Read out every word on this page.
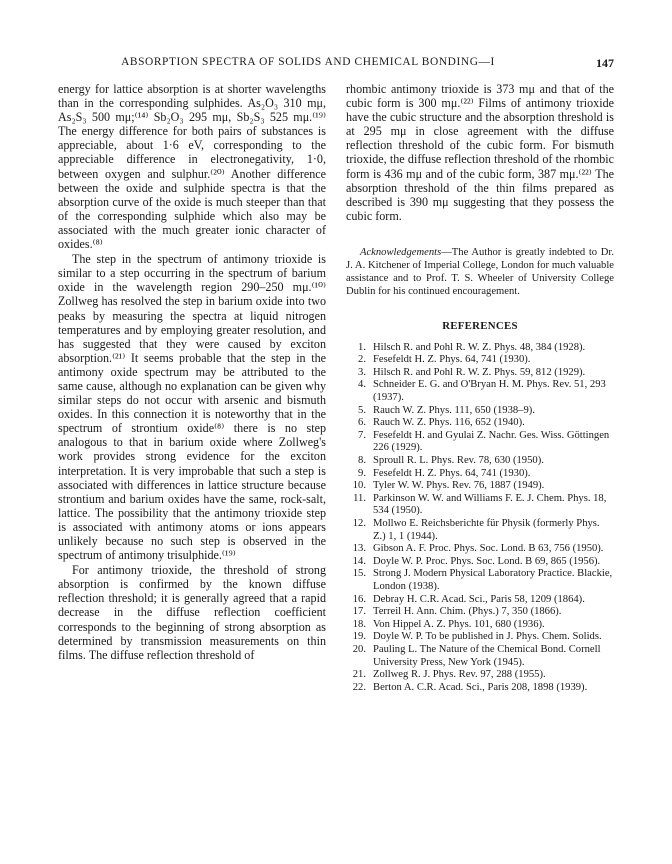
ABSORPTION SPECTRA OF SOLIDS AND CHEMICAL BONDING—I	147

energy for lattice absorption is at shorter wavelengths than in the corresponding sulphides. As₂O₃ 310 mμ, As₂S₃ 500 mμ;⁽¹⁴⁾ Sb₂O₃ 295 mμ, Sb₂S₃ 525 mμ.⁽¹⁹⁾ The energy difference for both pairs of substances is appreciable, about 1·6 eV, corresponding to the appreciable difference in electronegativity, 1·0, between oxygen and sulphur.⁽²⁰⁾ Another difference between the oxide and sulphide spectra is that the absorption curve of the oxide is much steeper than that of the corresponding sulphide which also may be associated with the much greater ionic character of oxides.⁽⁸⁾

The step in the spectrum of antimony trioxide is similar to a step occurring in the spectrum of barium oxide in the wavelength region 290–250 mμ.⁽¹⁰⁾ Zollweg has resolved the step in barium oxide into two peaks by measuring the spectra at liquid nitrogen temperatures and by employing greater resolution, and has suggested that they were caused by exciton absorption.⁽²¹⁾ It seems probable that the step in the antimony oxide spectrum may be attributed to the same cause, although no explanation can be given why similar steps do not occur with arsenic and bismuth oxides. In this connection it is noteworthy that in the spectrum of strontium oxide⁽⁸⁾ there is no step analogous to that in barium oxide where Zollweg's work provides strong evidence for the exciton interpretation. It is very improbable that such a step is associated with differences in lattice structure because strontium and barium oxides have the same, rock-salt, lattice. The possibility that the antimony trioxide step is associated with antimony atoms or ions appears unlikely because no such step is observed in the spectrum of antimony trisulphide.⁽¹⁹⁾

For antimony trioxide, the threshold of strong absorption is confirmed by the known diffuse reflection threshold; it is generally agreed that a rapid decrease in the diffuse reflection coefficient corresponds to the beginning of strong absorption as determined by transmission measurements on thin films. The diffuse reflection threshold of

rhombic antimony trioxide is 373 mμ and that of the cubic form is 300 mμ.⁽²²⁾ Films of antimony trioxide have the cubic structure and the absorption threshold is at 295 mμ in close agreement with the diffuse reflection threshold of the cubic form. For bismuth trioxide, the diffuse reflection threshold of the rhombic form is 436 mμ and of the cubic form, 387 mμ.⁽²²⁾ The absorption threshold of the thin films prepared as described is 390 mμ suggesting that they possess the cubic form.

Acknowledgements—The Author is greatly indebted to Dr. J. A. Kitchener of Imperial College, London for much valuable assistance and to Prof. T. S. Wheeler of University College Dublin for his continued encouragement.

REFERENCES
1. Hilsch R. and Pohl R. W. Z. Phys. 48, 384 (1928).
2. Fesefeldt H. Z. Phys. 64, 741 (1930).
3. Hilsch R. and Pohl R. W. Z. Phys. 59, 812 (1929).
4. Schneider E. G. and O'Bryan H. M. Phys. Rev. 51, 293 (1937).
5. Rauch W. Z. Phys. 111, 650 (1938–9).
6. Rauch W. Z. Phys. 116, 652 (1940).
7. Fesefeldt H. and Gyulai Z. Nachr. Ges. Wiss. Göttingen 226 (1929).
8. Sproull R. L. Phys. Rev. 78, 630 (1950).
9. Fesefeldt H. Z. Phys. 64, 741 (1930).
10. Tyler W. W. Phys. Rev. 76, 1887 (1949).
11. Parkinson W. W. and Williams F. E. J. Chem. Phys. 18, 534 (1950).
12. Mollwo E. Reichsberichte für Physik (formerly Phys. Z.) 1, 1 (1944).
13. Gibson A. F. Proc. Phys. Soc. Lond. B 63, 756 (1950).
14. Doyle W. P. Proc. Phys. Soc. Lond. B 69, 865 (1956).
15. Strong J. Modern Physical Laboratory Practice. Blackie, London (1938).
16. Debray H. C.R. Acad. Sci., Paris 58, 1209 (1864).
17. Terreil H. Ann. Chim. (Phys.) 7, 350 (1866).
18. Von Hippel A. Z. Phys. 101, 680 (1936).
19. Doyle W. P. To be published in J. Phys. Chem. Solids.
20. Pauling L. The Nature of the Chemical Bond. Cornell University Press, New York (1945).
21. Zollweg R. J. Phys. Rev. 97, 288 (1955).
22. Berton A. C.R. Acad. Sci., Paris 208, 1898 (1939).
